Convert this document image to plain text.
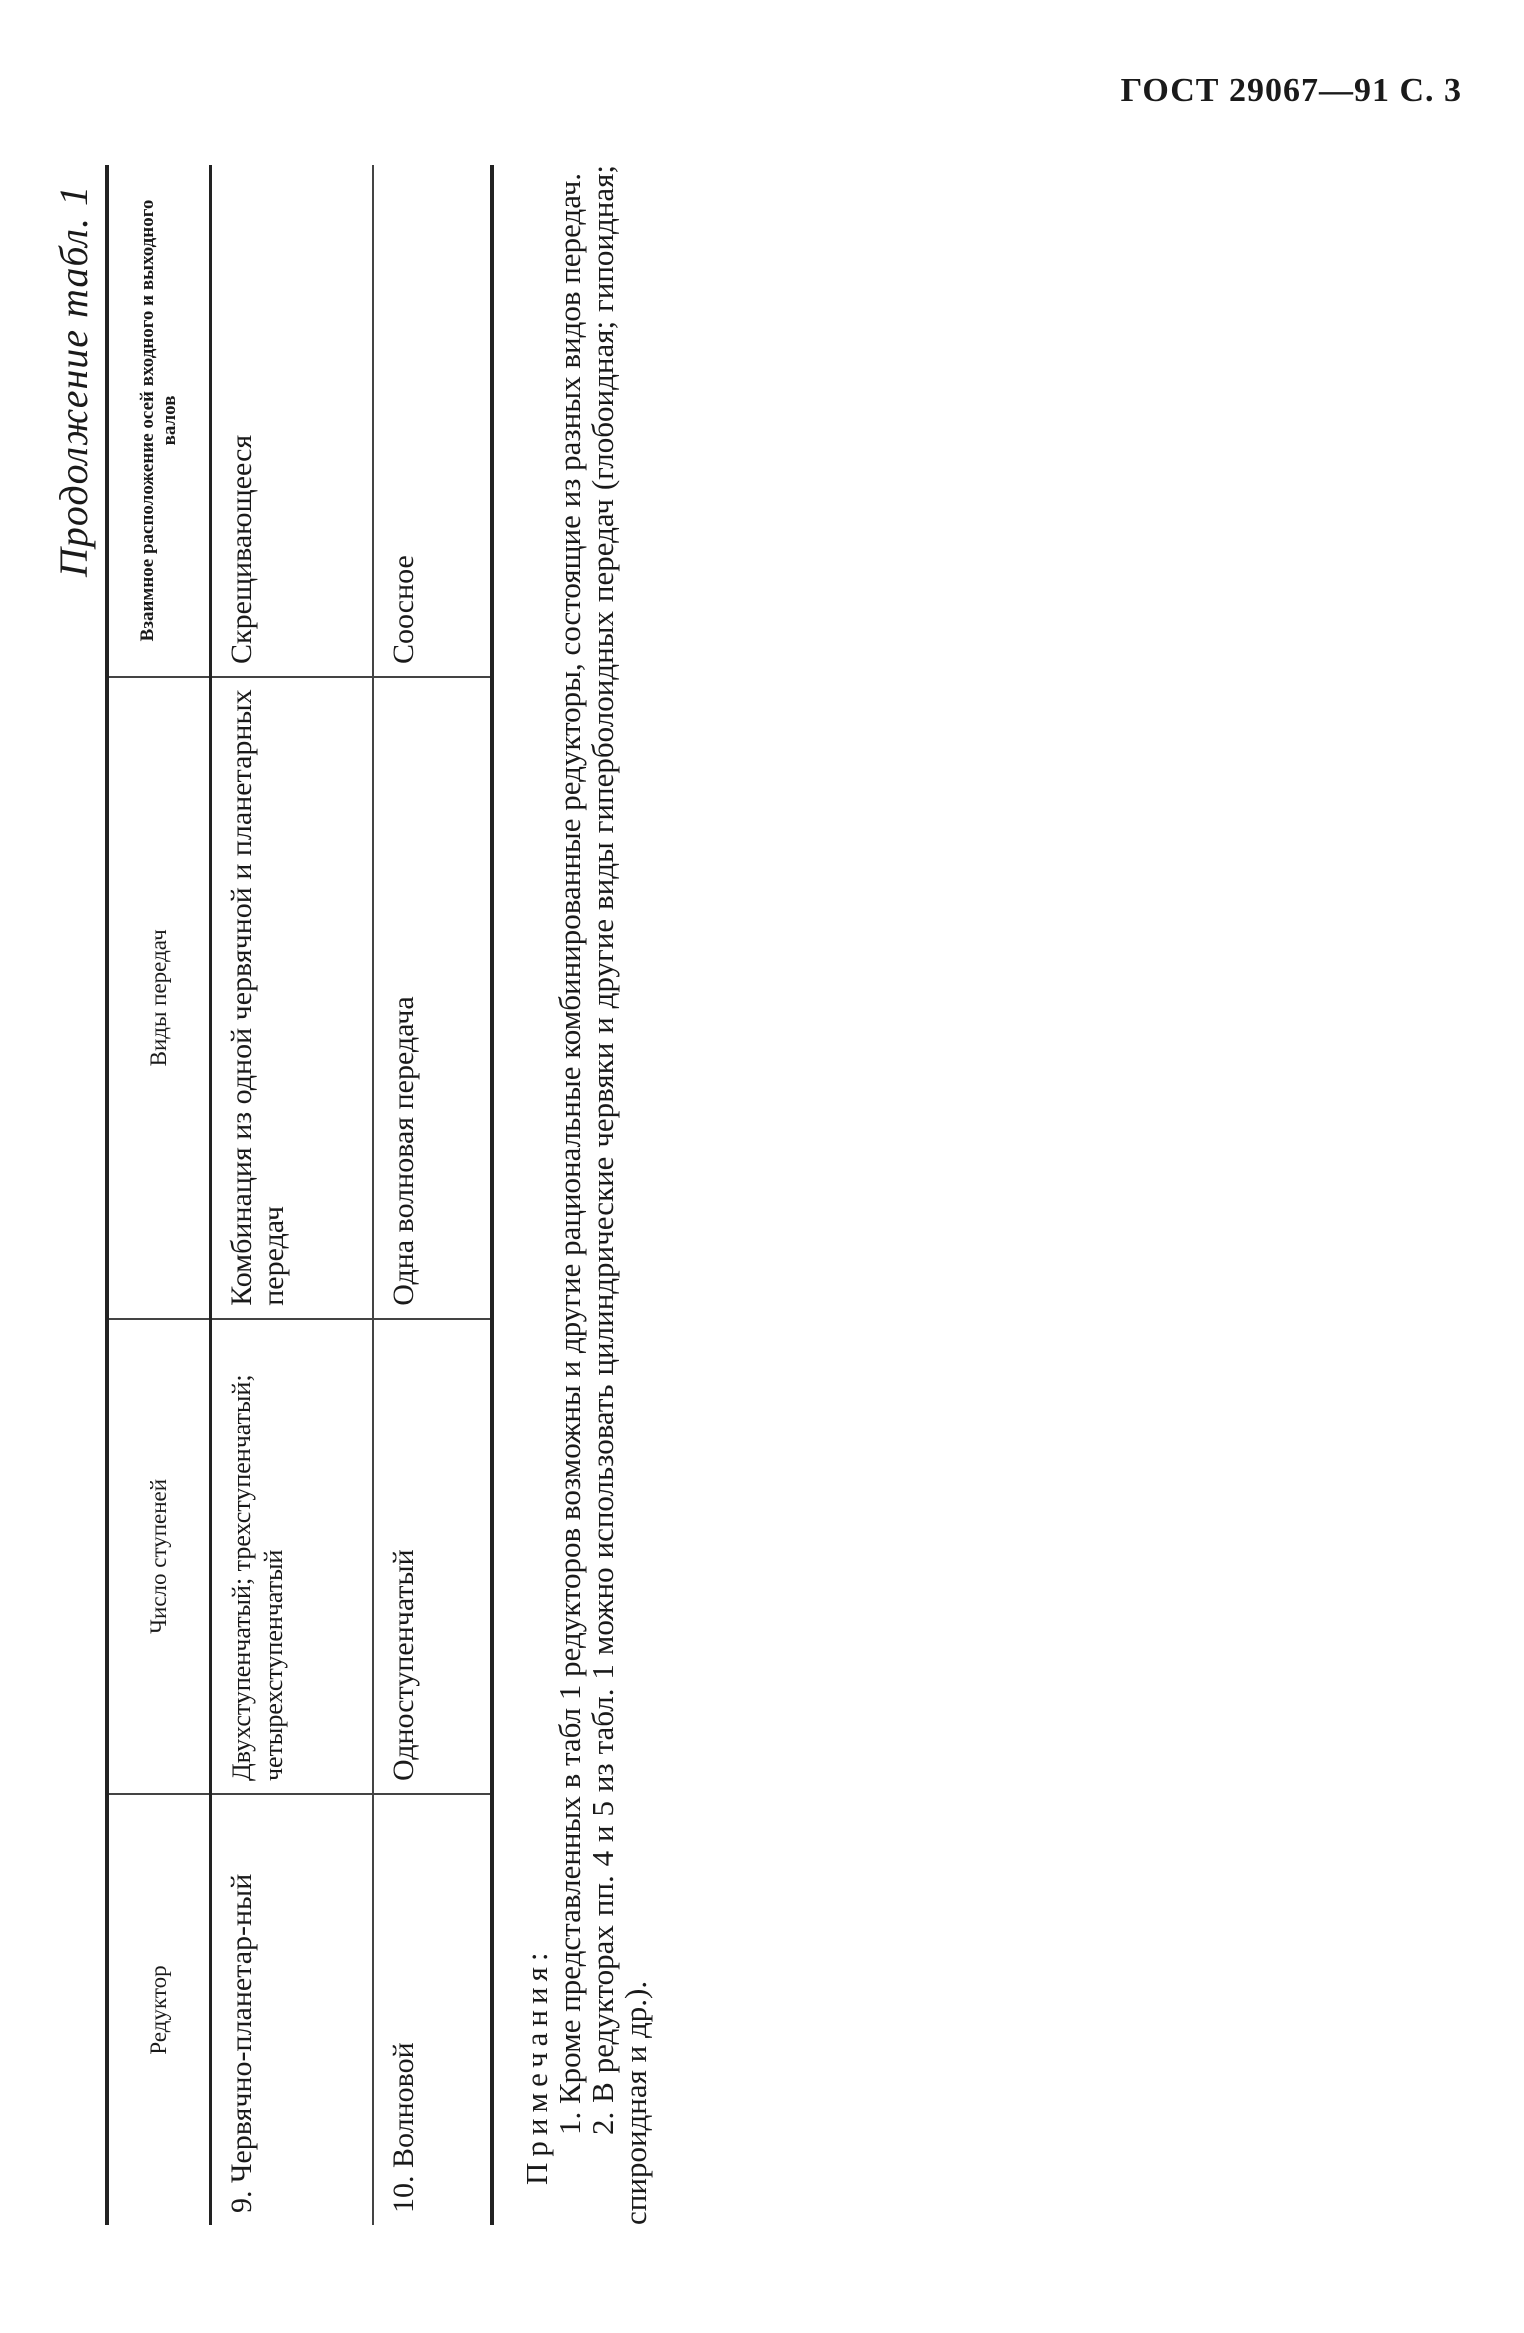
ГОСТ 29067—91 С. 3
Продолжение табл. 1
Редуктор	Число ступеней	Виды передач	Взаимное расположение осей входного и выходного валов
9. Червячно-планетар-ный	Двухступенчатый; трехступенчатый; четырехступенчатый	Комбинация из одной червячной и планетарных передач	Скрещивающееся
10. Волновой	Одноступенчатый	Одна волновая передача	Соосное

Примечания:

1. Кроме представленных в табл 1 редукторов возможны и другие рациональные комбинированные редукторы, состоящие из разных видов передач.

2. В редукторах пп. 4 и 5 из табл. 1 можно использовать цилиндрические червяки и другие виды гиперболоидных передач (глобоидная; гипоидная; спироидная и др.).
